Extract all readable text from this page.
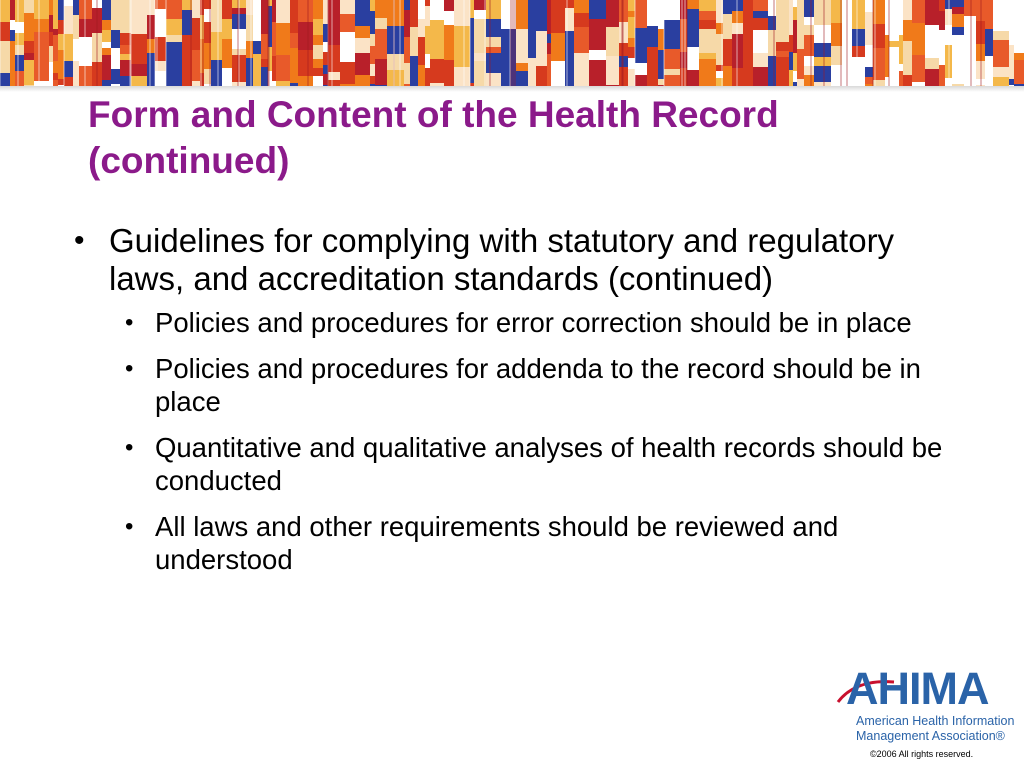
Form and Content of the Health Record
(continued)

• Guidelines for complying with statutory and regulatory laws, and accreditation standards (continued)

• Policies and procedures for error correction should be in place

• Policies and procedures for addenda to the record should be in place

• Quantitative and qualitative analyses of health records should be conducted

• All laws and other requirements should be reviewed and understood

AHIMA
American Health Information
Management Association®
©2006 All rights reserved.
